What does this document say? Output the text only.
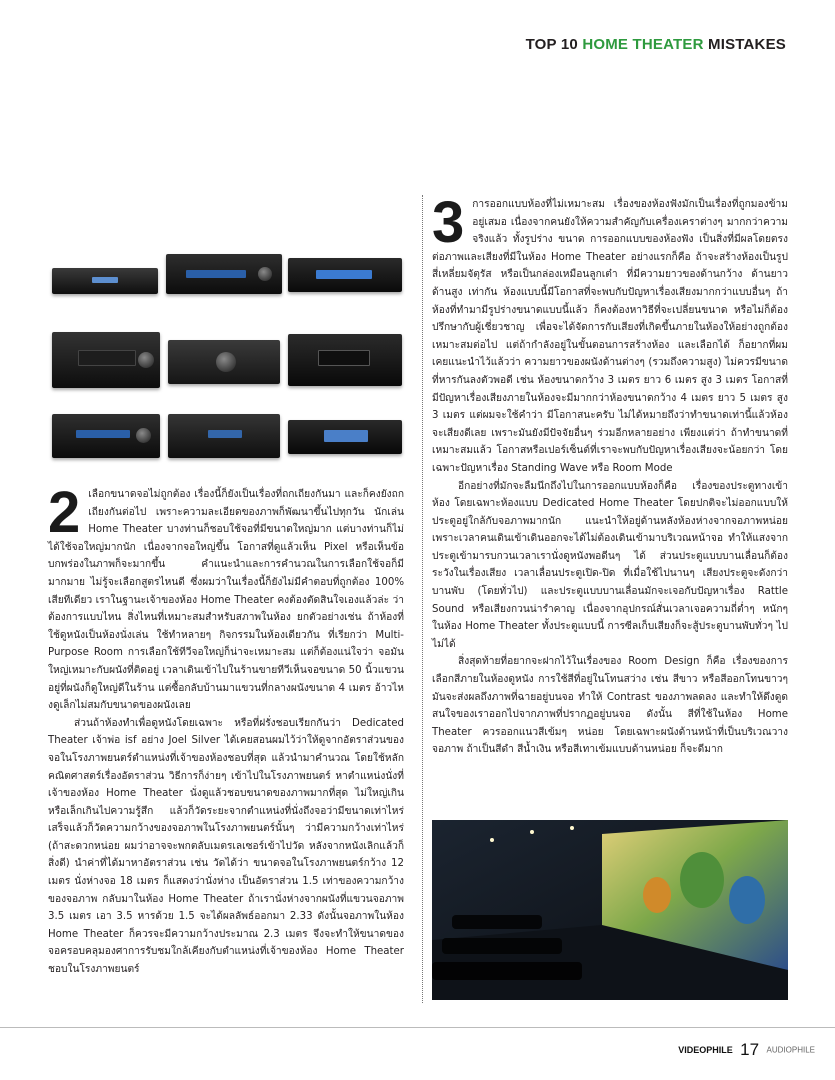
TOP 10 HOME THEATER MISTAKES
2 เลือกขนาดจอไม่ถูกต้อง เรื่องนี้ก็ยังเป็นเรื่องที่ถกเถียงกันมา และก็คงยังถกเถียงกันต่อไป เพราะความละเอียดของภาพก็พัฒนาขึ้นไปทุกวัน นักเล่น Home Theater บางท่านก็ชอบใช้จอที่มีขนาดใหญ่มาก แต่บางท่านก็ไม่ได้ใช้จอใหญ่มากนัก เนื่องจากจอใหญ่ขึ้น โอกาสที่ดูแล้วเห็น Pixel หรือเห็นข้อบกพร่องในภาพก็จะมากขึ้น คำแนะนำและการคำนวณในการเลือกใช้จอก็มีมากมาย ไม่รู้จะเลือกสูตรไหนดี ซึ่งผมว่าในเรื่องนี้ก็ยังไม่มีคำตอบที่ถูกต้อง 100% เสียทีเดียว เราในฐานะเจ้าของห้อง Home Theater คงต้องตัดสินใจเองแล้วล่ะ ว่าต้องการแบบไหน สิ่งไหนที่เหมาะสมสำหรับสภาพในห้อง ยกตัวอย่างเช่น ถ้าห้องที่ใช้ดูหนังเป็นห้องนั่งเล่น ใช้ทำหลายๆ กิจกรรมในห้องเดียวกัน ที่เรียกว่า Multi-Purpose Room การเลือกใช้ทีวีจอใหญ่ก็น่าจะเหมาะสม แต่ก็ต้องแน่ใจว่า จอมันใหญ่เหมาะกับผนังที่ติดอยู่ เวลาเดินเข้าไปในร้านขายทีวีเห็นจอขนาด 50 นิ้วแขวนอยู่ที่ผนังก็ดูใหญ่ดีในร้าน แต่ซื้อกลับบ้านมาแขวนที่กลางผนังขนาด 4 เมตร อ้าวไหงดูเล็กไม่สมกับขนาดของผนังเลย

ส่วนถ้าห้องทำเพื่อดูหนังโดยเฉพาะ หรือที่ฝรั่งชอบเรียกกันว่า Dedicated Theater เจ้าพ่อ isf อย่าง Joel Silver ได้เคยสอนผมไว้ว่าให้ดูจากอัตราส่วนของจอในโรงภาพยนตร์ตำแหน่งที่เจ้าของห้องชอบที่สุด แล้วนำมาคำนวณ โดยใช้หลักคณิตศาสตร์เรื่องอัตราส่วน วิธีการก็ง่ายๆ เข้าไปในโรงภาพยนตร์ หาตำแหน่งนั่งที่เจ้าของห้อง Home Theater นั่งดูแล้วชอบขนาดของภาพมากที่สุด ไม่ใหญ่เกินหรือเล็กเกินไปความรู้สึก แล้วก็วัดระยะจากตำแหน่งที่นั่งถึงจอว่ามีขนาดเท่าไหร่ เสร็จแล้วก็วัดความกว้างของจอภาพในโรงภาพยนตร์นั้นๆ ว่ามีความกว้างเท่าไหร่ (ถ้าสะดวกหน่อย ผมว่าอาจจะพกตลับเมตรเลเซอร์เข้าไปวัด หลังจากหนังเลิกแล้วก็สิ่งดี) นำค่าที่ได้มาหาอัตราส่วน เช่น วัดได้ว่า ขนาดจอในโรงภาพยนตร์กว้าง 12 เมตร นั่งห่างจอ 18 เมตร ก็แสดงว่านั่งห่าง เป็นอัตราส่วน 1.5 เท่าของความกว้างของจอภาพ กลับมาในห้อง Home Theater ถ้าเรานั่งห่างจากผนังที่แขวนจอภาพ 3.5 เมตร เอา 3.5 หารด้วย 1.5 จะได้ผลลัพธ์ออกมา 2.33 ดังนั้นจอภาพในห้อง Home Theater ก็ควรจะมีความกว้างประมาณ 2.3 เมตร จึงจะทำให้ขนาดของจอครอบคลุมองศาการรับชมใกล้เคียงกับตำแหน่งที่เจ้าของห้อง Home Theater ชอบในโรงภาพยนตร์

3 การออกแบบห้องที่ไม่เหมาะสม เรื่องของห้องฟังมักเป็นเรื่องที่ถูกมองข้ามอยู่เสมอ เนื่องจากคนยังให้ความสำคัญกับเครื่องเคราต่างๆ มากกว่าความจริงแล้ว ทั้งรูปร่าง ขนาด การออกแบบของห้องฟัง เป็นสิ่งที่มีผลโดยตรงต่อภาพและเสียงที่มีในห้อง Home Theater อย่างแรกก็คือ ถ้าจะสร้างห้องเป็นรูปสี่เหลี่ยมจัตุรัส หรือเป็นกล่องเหมือนลูกเต๋า ที่มีความยาวของด้านกว้าง ด้านยาว ด้านสูง เท่ากัน ห้องแบบนี้มีโอกาสที่จะพบกับปัญหาเรื่องเสียงมากกว่าแบบอื่นๆ ถ้าห้องที่ทำมามีรูปร่างขนาดแบบนี้แล้ว ก็คงต้องหาวิธีที่จะเปลี่ยนขนาด หรือไม่ก็ต้องปรึกษากับผู้เชี่ยวชาญ เพื่อจะได้จัดการกับเสียงที่เกิดขึ้นภายในห้องให้อย่างถูกต้องเหมาะสมต่อไป แต่ถ้ากำลังอยู่ในขั้นตอนการสร้างห้อง และเลือกได้ ก็อยากที่ผมเคยแนะนำไว้แล้วว่า ความยาวของผนังด้านต่างๆ (รวมถึงความสูง) ไม่ควรมีขนาดที่หารกันลงตัวพอดี เช่น ห้องขนาดกว้าง 3 เมตร ยาว 6 เมตร สูง 3 เมตร โอกาสที่มีปัญหาเรื่องเสียงภายในห้องจะมีมากกว่าห้องขนาดกว้าง 4 เมตร ยาว 5 เมตร สูง 3 เมตร แต่ผมจะใช้คำว่า มีโอกาสนะครับ ไม่ได้หมายถึงว่าทำขนาดเท่านี้แล้วห้องจะเสียงดีเลย เพราะมันยังมีปัจจัยอื่นๆ ร่วมอีกหลายอย่าง เพียงแต่ว่า ถ้าทำขนาดที่เหมาะสมแล้ว โอกาสหรือเปอร์เซ็นต์ที่เราจะพบกับปัญหาเรื่องเสียงจะน้อยกว่า โดยเฉพาะปัญหาเรื่อง Standing Wave หรือ Room Mode

อีกอย่างที่มักจะลืมนึกถึงไปในการออกแบบห้องก็คือ เรื่องของประตูทางเข้าห้อง โดยเฉพาะห้องแบบ Dedicated Home Theater โดยปกติจะไม่ออกแบบให้ประตูอยู่ใกล้กับจอภาพมากนัก แนะนำให้อยู่ด้านหลังห้องห่างจากจอภาพหน่อย เพราะเวลาคนเดินเข้าเดินออกจะได้ไม่ต้องเดินเข้ามาบริเวณหน้าจอ ทำให้แสงจากประตูเข้ามารบกวนเวลาเรานั่งดูหนังพอดีนๆ ได้ ส่วนประตูแบบบานเลื่อนก็ต้องระวังในเรื่องเสียง เวลาเลื่อนประตูเปิด-ปิด ที่เมื่อใช้ไปนานๆ เสียงประตูจะดังกว่าบานพับ (โดยทั่วไป) และประตูแบบบานเลื่อนมักจะเจอกับปัญหาเรื่อง Rattle Sound หรือเสียงกวนน่ารำคาญ เนื่องจากอุปกรณ์สั่นเวลาเจอความถี่ต่ำๆ หนักๆ ในห้อง Home Theater ทั้งประตูแบบนี้ การซีลเก็บเสียงก็จะสู้ประตูบานพับทั่วๆ ไปไม่ได้

สิ่งสุดท้ายที่อยากจะฝากไว้ในเรื่องของ Room Design ก็คือ เรื่องของการเลือกสีภายในห้องดูหนัง การใช้สีที่อยู่ในโทนสว่าง เช่น สีขาว หรือสีออกโทนขาวๆ มันจะส่งผลถึงภาพที่ฉายอยู่บนจอ ทำให้ Contrast ของภาพลดลง และทำให้ดึงดูดสนใจของเราออกไปจากภาพที่ปรากฏอยู่บนจอ ดังนั้น สีที่ใช้ในห้อง Home Theater ควรออกแนวสีเข้มๆ หน่อย โดยเฉพาะผนังด้านหน้าที่เป็นบริเวณวางจอภาพ ถ้าเป็นสีดำ สีน้ำเงิน หรือสีเทาเข้มแบบด้านหน่อย ก็จะดีมาก

VIDEOPHILE 17 AUDIOPHILE
